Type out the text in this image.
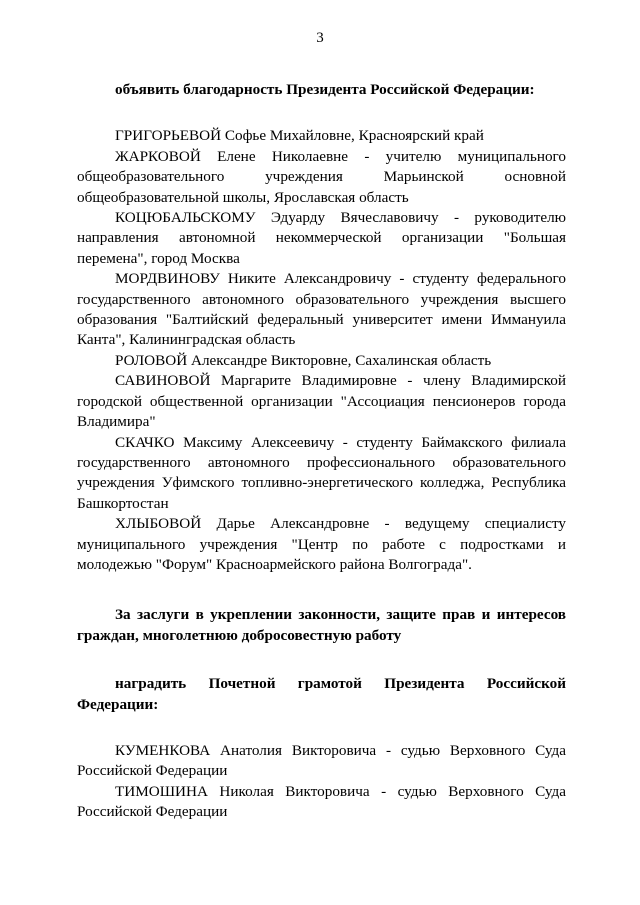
3

объявить благодарность Президента Российской Федерации:

ГРИГОРЬЕВОЙ Софье Михайловне, Красноярский край

ЖАРКОВОЙ Елене Николаевне - учителю муниципального общеобразовательного учреждения Марьинской основной общеобразовательной школы, Ярославская область

КОЦЮБАЛЬСКОМУ Эдуарду Вячеславовичу - руководителю направления автономной некоммерческой организации "Большая перемена", город Москва

МОРДВИНОВУ Никите Александровичу - студенту федерального государственного автономного образовательного учреждения высшего образования "Балтийский федеральный университет имени Иммануила Канта", Калининградская область

РОЛОВОЙ Александре Викторовне, Сахалинская область

САВИНОВОЙ Маргарите Владимировне - члену Владимирской городской общественной организации "Ассоциация пенсионеров города Владимира"

СКАЧКО Максиму Алексеевичу - студенту Баймакского филиала государственного автономного профессионального образовательного учреждения Уфимского топливно-энергетического колледжа, Республика Башкортостан

ХЛЫБОВОЙ Дарье Александровне - ведущему специалисту муниципального учреждения "Центр по работе с подростками и молодежью "Форум" Красноармейского района Волгограда".

За заслуги в укреплении законности, защите прав и интересов граждан, многолетнюю добросовестную работу

наградить Почетной грамотой Президента Российской Федерации:

КУМЕНКОВА Анатолия Викторовича - судью Верховного Суда Российской Федерации

ТИМОШИНА Николая Викторовича - судью Верховного Суда Российской Федерации
